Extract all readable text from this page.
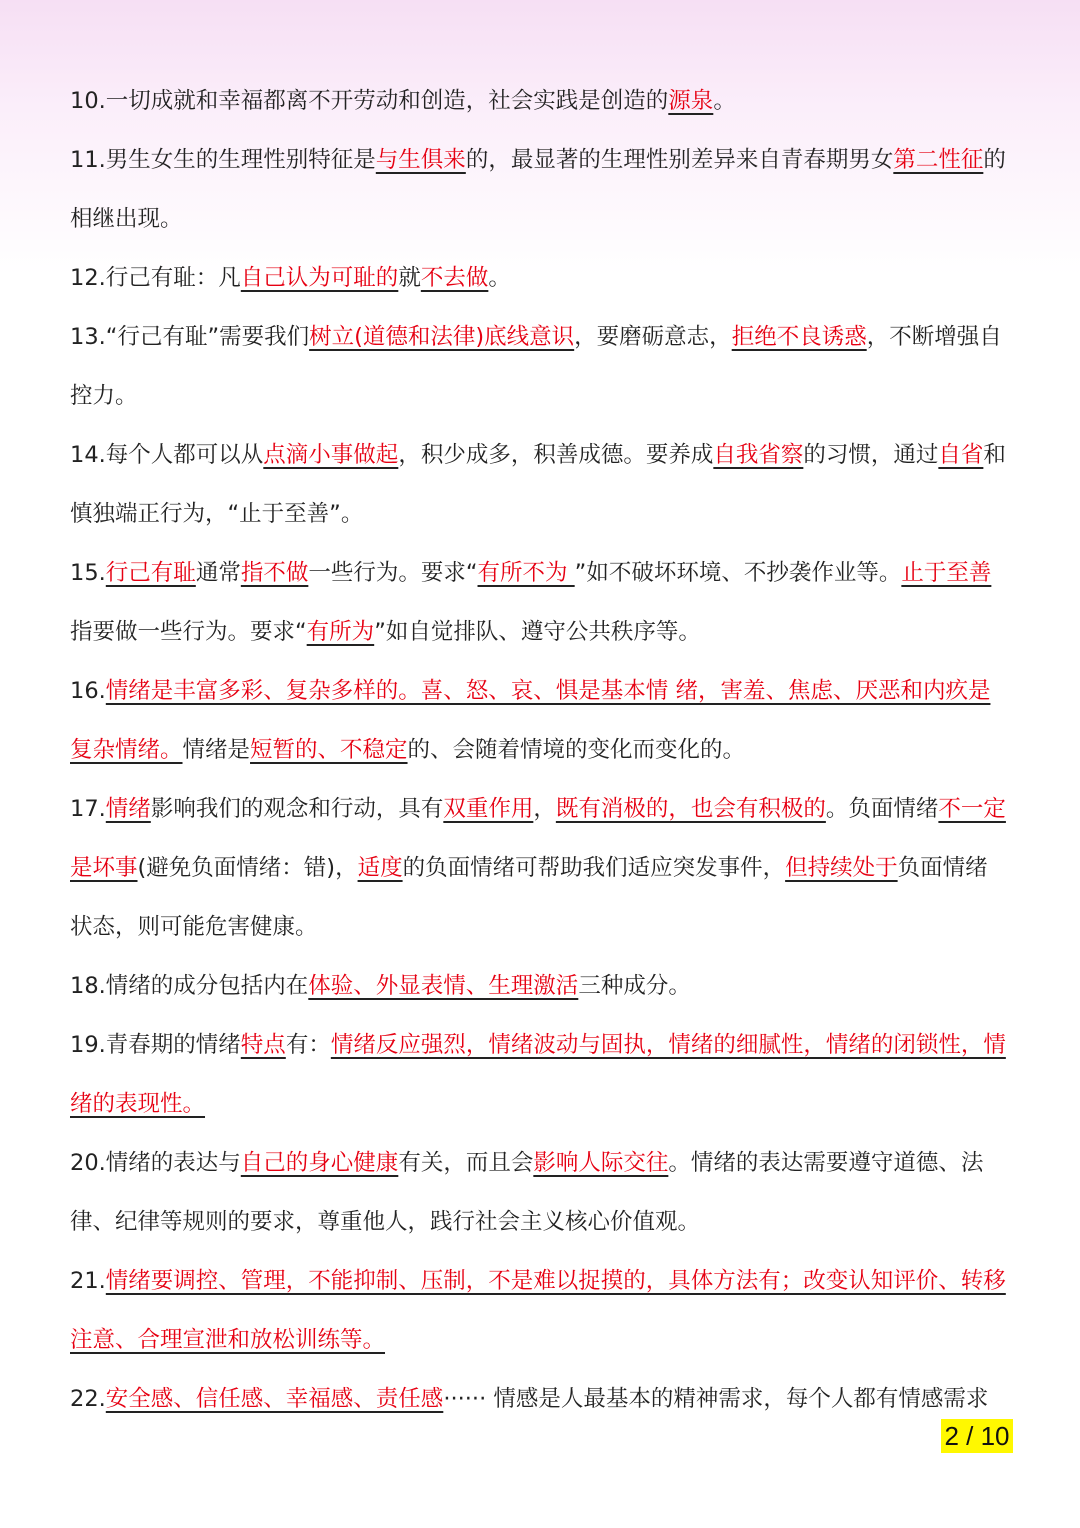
10.一切成就和幸福都离不开劳动和创造，社会实践是创造的源泉。

11.男生女生的生理性别特征是与生俱来的，最显著的生理性别差异来自青春期男女第二性征的相继出现。

12.行己有耻：凡自己认为可耻的就不去做。

13.“行己有耻”需要我们树立(道德和法律)底线意识，要磨砺意志，拒绝不良诱惑，不断增强自控力。

14.每个人都可以从点滴小事做起，积少成多，积善成德。要养成自我省察的习惯，通过自省和慎独端正行为，“止于至善”。

15.行己有耻通常指不做一些行为。要求“有所不为 ”如不破坏环境、不抄袭作业等。止于至善指要做一些行为。要求“有所为”如自觉排队、遵守公共秩序等。

16.情绪是丰富多彩、复杂多样的。喜、怒、哀、惧是基本情 绪，害羞、焦虑、厌恶和内疚是复杂情绪。情绪是短暂的、不稳定的、会随着情境的变化而变化的。

17.情绪影响我们的观念和行动，具有双重作用，既有消极的，也会有积极的。负面情绪不一定是坏事(避免负面情绪：错)，适度的负面情绪可帮助我们适应突发事件，但持续处于负面情绪状态，则可能危害健康。

18.情绪的成分包括内在体验、外显表情、生理激活三种成分。

19.青春期的情绪特点有：情绪反应强烈，情绪波动与固执，情绪的细腻性，情绪的闭锁性，情绪的表现性。

20.情绪的表达与自己的身心健康有关，而且会影响人际交往。情绪的表达需要遵守道德、法律、纪律等规则的要求，尊重他人，践行社会主义核心价值观。

21.情绪要调控、管理，不能抑制、压制，不是难以捉摸的，具体方法有；改变认知评价、转移注意、合理宣泄和放松训练等。

22.安全感、信任感、幸福感、责任感······ 情感是人最基本的精神需求，每个人都有情感需求

2 / 10
